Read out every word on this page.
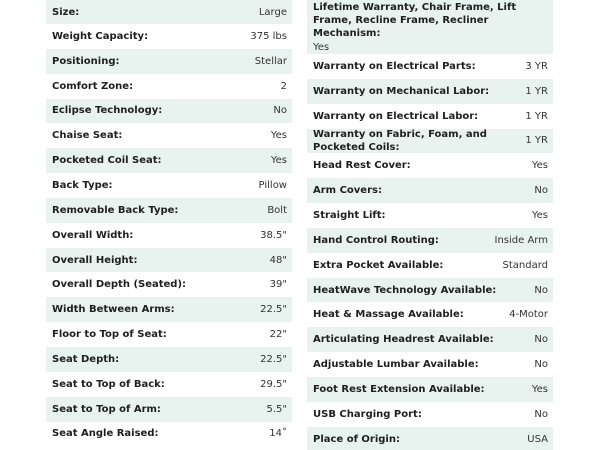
Size:	Large
Weight Capacity:	375 lbs
Positioning:	Stellar
Comfort Zone:	2
Eclipse Technology:	No
Chaise Seat:	Yes
Pocketed Coil Seat:	Yes
Back Type:	Pillow
Removable Back Type:	Bolt
Overall Width:	38.5"
Overall Height:	48"
Overall Depth (Seated):	39"
Width Between Arms:	22.5"
Floor to Top of Seat:	22"
Seat Depth:	22.5"
Seat to Top of Back:	29.5"
Seat to Top of Arm:	5.5"
Seat Angle Raised:	14˚
Lifetime Warranty, Chair Frame, Lift Frame, Recline Frame, Recliner Mechanism:
Yes
Warranty on Electrical Parts:	3 YR
Warranty on Mechanical Labor:	1 YR
Warranty on Electrical Labor:	1 YR
Warranty on Fabric, Foam, and Pocketed Coils:
1 YR
Head Rest Cover:	Yes
Arm Covers:	No
Straight Lift:	Yes
Hand Control Routing:	Inside Arm
Extra Pocket Available:	Standard
HeatWave Technology Available:	No
Heat & Massage Available:	4-Motor
Articulating Headrest Available:	No
Adjustable Lumbar Available:	No
Foot Rest Extension Available:	Yes
USB Charging Port:	No
Place of Origin:	USA
